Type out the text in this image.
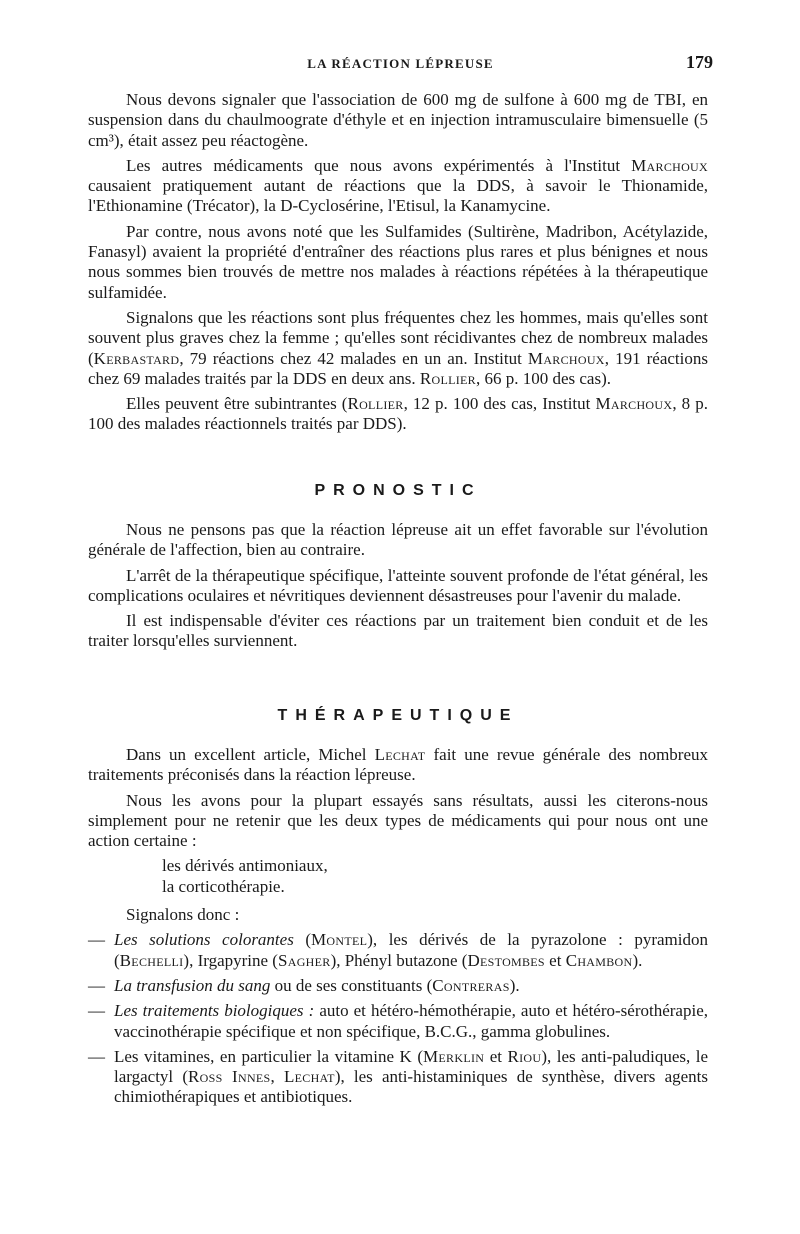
LA RÉACTION LÉPREUSE	179

Nous devons signaler que l'association de 600 mg de sulfone à 600 mg de TBI, en suspension dans du chaulmoograte d'éthyle et en injection intramusculaire bimensuelle (5 cm³), était assez peu réactogène.

Les autres médicaments que nous avons expérimentés à l'Institut Marchoux causaient pratiquement autant de réactions que la DDS, à savoir le Thionamide, l'Ethionamine (Trécator), la D-Cyclosérine, l'Etisul, la Kanamycine.

Par contre, nous avons noté que les Sulfamides (Sultirène, Madribon, Acétylazide, Fanasyl) avaient la propriété d'entraîner des réactions plus rares et plus bénignes et nous nous sommes bien trouvés de mettre nos malades à réactions répétées à la thérapeutique sulfamidée.

Signalons que les réactions sont plus fréquentes chez les hommes, mais qu'elles sont souvent plus graves chez la femme ; qu'elles sont récidivantes chez de nombreux malades (Kerbastard, 79 réactions chez 42 malades en un an. Institut Marchoux, 191 réactions chez 69 malades traités par la DDS en deux ans. Rollier, 66 p. 100 des cas).

Elles peuvent être subintrantes (Rollier, 12 p. 100 des cas, Institut Marchoux, 8 p. 100 des malades réactionnels traités par DDS).

PRONOSTIC

Nous ne pensons pas que la réaction lépreuse ait un effet favorable sur l'évolution générale de l'affection, bien au contraire.

L'arrêt de la thérapeutique spécifique, l'atteinte souvent profonde de l'état général, les complications oculaires et névritiques deviennent désastreuses pour l'avenir du malade.

Il est indispensable d'éviter ces réactions par un traitement bien conduit et de les traiter lorsqu'elles surviennent.

THÉRAPEUTIQUE

Dans un excellent article, Michel Lechat fait une revue générale des nombreux traitements préconisés dans la réaction lépreuse.

Nous les avons pour la plupart essayés sans résultats, aussi les citerons-nous simplement pour ne retenir que les deux types de médicaments qui pour nous ont une action certaine :

les dérivés antimoniaux,
la corticothérapie.

Signalons donc :

— Les solutions colorantes (Montel), les dérivés de la pyrazolone : pyramidon (Bechelli), Irgapyrine (Sagher), Phényl butazone (Destombes et Chambon).
— La transfusion du sang ou de ses constituants (Contreras).
— Les traitements biologiques : auto et hétéro-hémothérapie, auto et hétéro-sérothérapie, vaccinothérapie spécifique et non spécifique, B.C.G., gamma globulines.
— Les vitamines, en particulier la vitamine K (Merklin et Riou), les anti-paludiques, le largactyl (Ross Innes, Lechat), les anti-histaminiques de synthèse, divers agents chimiothérapiques et antibiotiques.
